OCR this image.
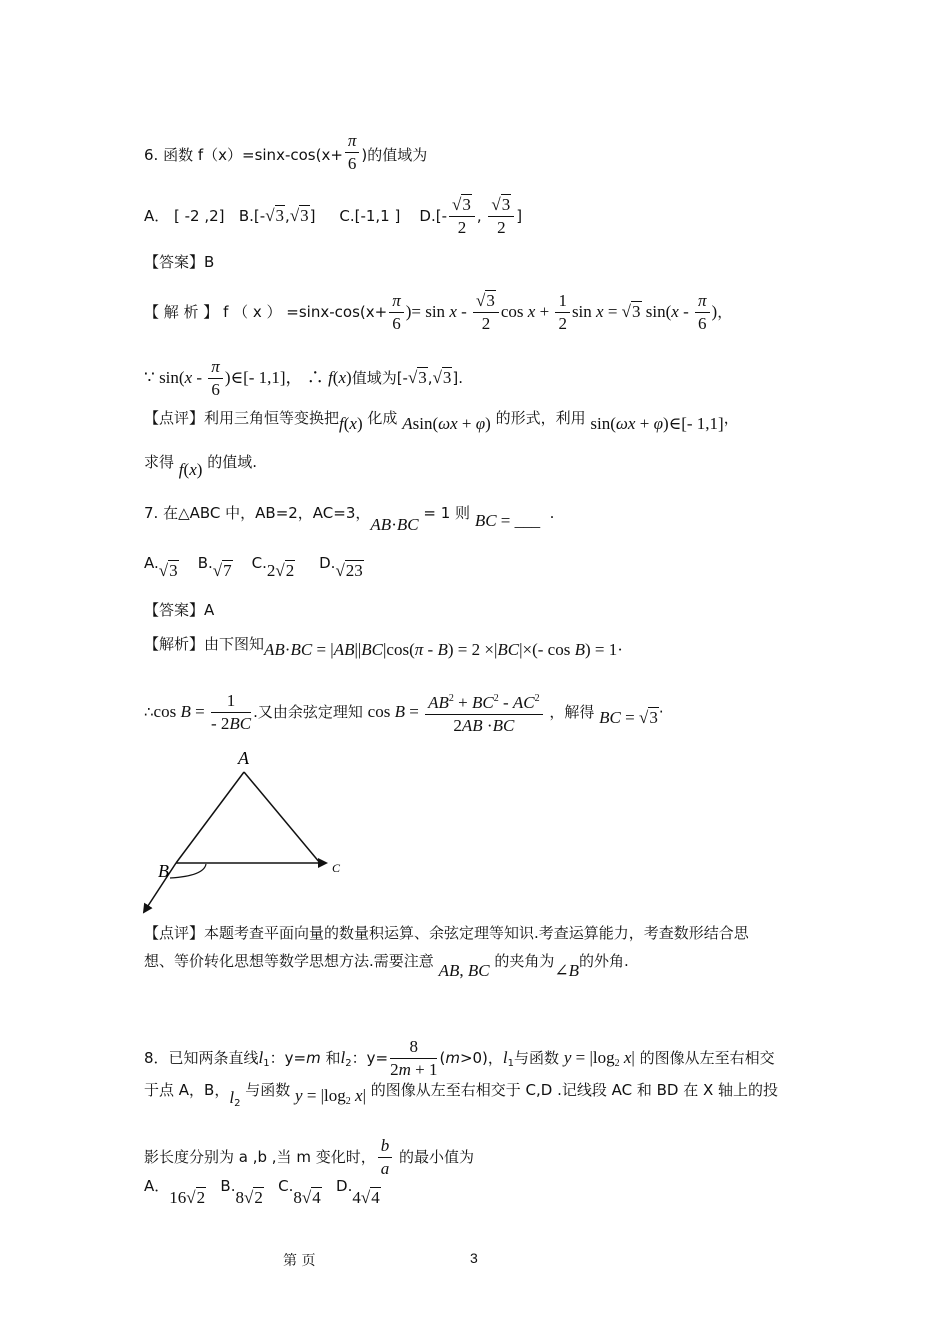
6. 函数 $f(x)=\sin x-\cos(x+ \frac{\pi}{6}$ )的值域为
A． [ -2 ,2] B.[-√3,√3]     C.[-1,1 ] $D.[- \frac{√3}{2}$ , $\frac{√3}{2}$ ]
【答案】B
【 解 析 】 f （ x ） $=\sin x-\cos(x+ \frac{\pi}{6}$ )= sin x - $\frac{√3}{2}$ $\cos x + \frac{1}{2}$ sin x = √3 $\sin(x - \frac{\pi}{6}$ )，
∵ $\sin(x - \frac{\pi}{6}$ )∈[- 1,1]， ∴ f(x)值域为[-√3,√3].
【点评】利用三角恒等变换把f(x) 化成 Asin(ωx + φ) 的形式，利用 sin(ωx + φ)∈[- 1,1]，
求得 f(x) 的值域.
7. 在△ABC 中，AB=2，AC=3，AB·BC = 1 则 BC = ___  .
A.√3 B.√7 C.2√2 D.√23
【答案】A
【解析】由下图知AB·BC = |AB||BC|cos(π - B) = 2 ×|BC|×(- cos B) = 1·
∴cos $B = \frac{1}{- 2BC}$ .又由余弦定理知 $\cos B = \frac{AB^2 + BC^2 - AC^2}{2AB \cdot BC}$ ，解得 BC = √3·
A
B	C
【点评】本题考查平面向量的数量积运算、余弦定理等知识.考查运算能力，考查数形结合思
想、等价转化思想等数学思想方法.需要注意 AB, BC 的夹角为∠B的外角.
8．已知两条直线$l_1$：y=m 和$l_2$：$y= \frac{8}{2m + 1} (m>0)$，$l_1$与函数 $y = |\log_2$ x| 的图像从左至右相交
于点 A，B，$l_2$ 与函数 $y = |\log_2$ x| 的图像从左至右相交于 C,D .记线段 AC 和 BD 在 X 轴上的投
影长度分别为 a ,b ,当 m 变化时， $\frac{b}{a}$ 的最小值为
A．16√2   B.8√2   C.8√4   D.4√4
第 页	3
